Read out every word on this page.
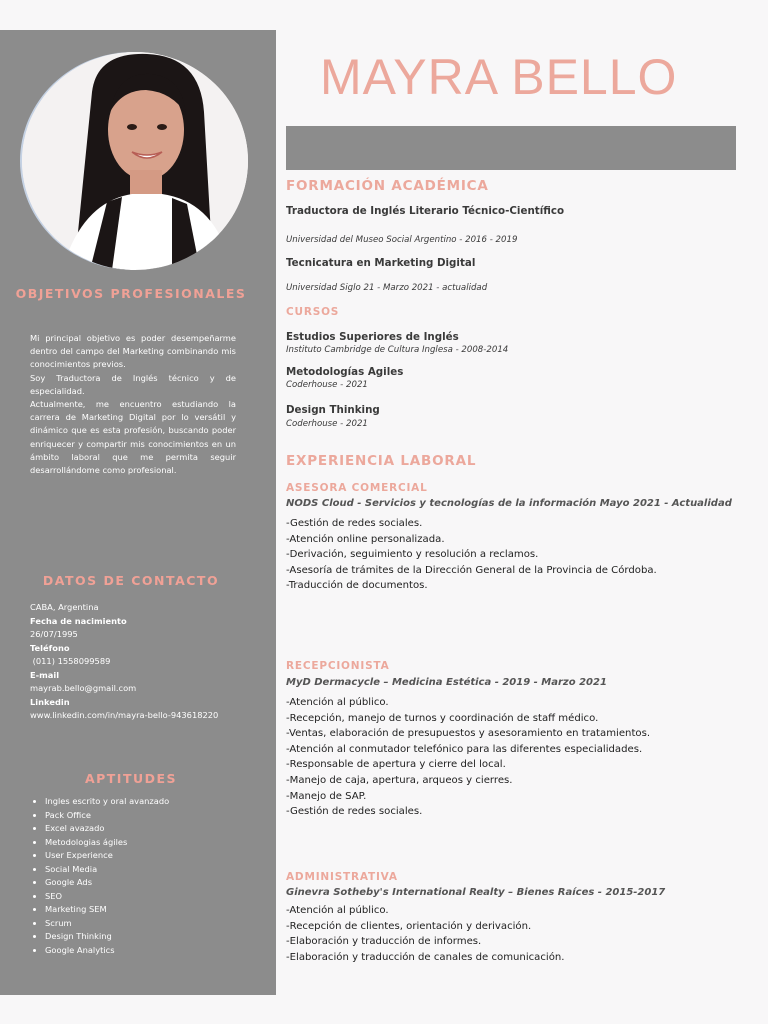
OBJETIVOS PROFESIONALES
Mi principal objetivo es poder desempeñarme dentro del campo del Marketing combinando mis conocimientos previos.
Soy Traductora de Inglés técnico y de especialidad.
Actualmente, me encuentro estudiando la carrera de Marketing Digital por lo versátil y dinámico que es esta profesión, buscando poder enriquecer y compartir mis conocimientos en un ámbito laboral que me permita seguir desarrollándome como profesional.
DATOS DE CONTACTO
CABA, Argentina
Fecha de nacimiento
26/07/1995
Teléfono
(011) 1558099589
E-mail
mayrab.bello@gmail.com
Linkedin
www.linkedin.com/in/mayra-bello-943618220
APTITUDES
• Ingles escrito y oral avanzado
• Pack Office
• Excel avazado
• Metodologias ágiles
• User Experience
• Social Media
• Google Ads
• SEO
• Marketing SEM
• Scrum
• Design Thinking
• Google Analytics
MAYRA BELLO
FORMACIÓN ACADÉMICA
Traductora de Inglés Literario Técnico-Científico
Universidad del Museo Social Argentino - 2016 - 2019
Tecnicatura en Marketing Digital
Universidad Siglo 21 - Marzo 2021 - actualidad
CURSOS
Estudios Superiores de Inglés
Instituto Cambridge de Cultura Inglesa - 2008-2014
Metodologías Agiles
Coderhouse - 2021
Design Thinking
Coderhouse - 2021
EXPERIENCIA LABORAL
ASESORA COMERCIAL
NODS Cloud - Servicios y tecnologías de la información Mayo 2021 - Actualidad
-Gestión de redes sociales.
-Atención online personalizada.
-Derivación, seguimiento y resolución a reclamos.
-Asesoría de trámites de la Dirección General de la Provincia de Córdoba.
-Traducción de documentos.
RECEPCIONISTA
MyD Dermacycle – Medicina Estética - 2019 - Marzo 2021
-Atención al público.
-Recepción, manejo de turnos y coordinación de staff médico.
-Ventas, elaboración de presupuestos y asesoramiento en tratamientos.
-Atención al conmutador telefónico para las diferentes especialidades.
-Responsable de apertura y cierre del local.
-Manejo de caja, apertura, arqueos y cierres.
-Manejo de SAP.
-Gestión de redes sociales.
ADMINISTRATIVA
Ginevra Sotheby's International Realty – Bienes Raíces - 2015-2017
-Atención al público.
-Recepción de clientes, orientación y derivación.
-Elaboración y traducción de informes.
-Elaboración y traducción de canales de comunicación.
